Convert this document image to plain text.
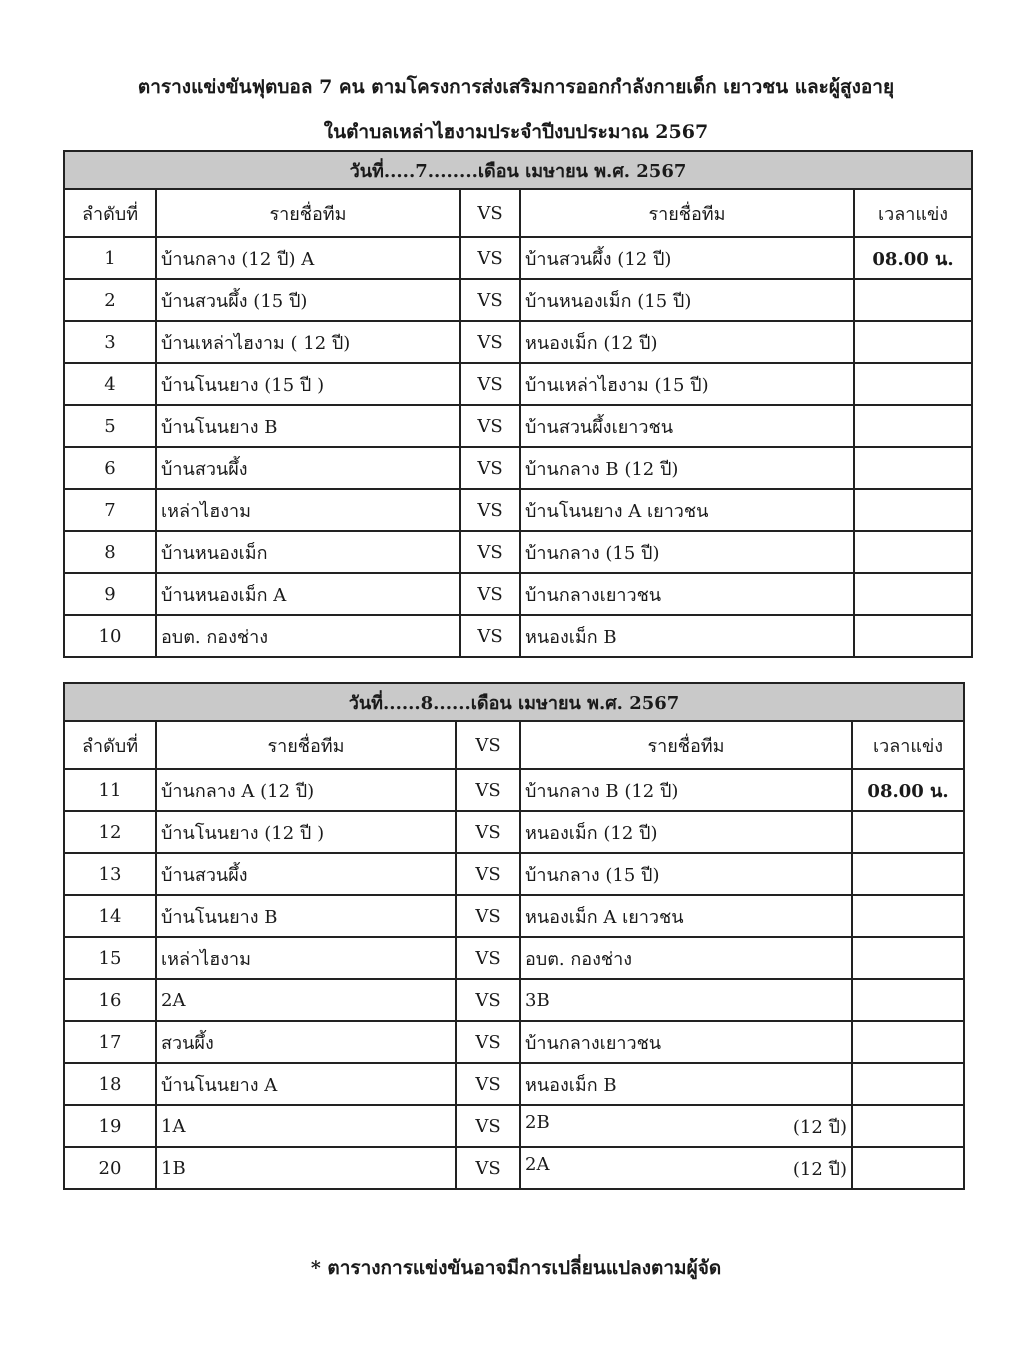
ตารางแข่งขันฟุตบอล 7 คน ตามโครงการส่งเสริมการออกกำลังกายเด็ก เยาวชน และผู้สูงอายุ
ในตำบลเหล่าไฮงามประจำปีงบประมาณ 2567
วันที่.....7........เดือน เมษายน พ.ศ. 2567				
ลำดับที่	รายชื่อทีม	VS	รายชื่อทีม	เวลาแข่ง
1	บ้านกลาง (12 ปี) A	VS	บ้านสวนผึ้ง (12 ปี)	08.00 น.
2	บ้านสวนผึ้ง (15 ปี)	VS	บ้านหนองเม็ก (15 ปี)	
3	บ้านเหล่าไฮงาม ( 12 ปี)	VS	หนองเม็ก (12 ปี)	
4	บ้านโนนยาง (15 ปี )	VS	บ้านเหล่าไฮงาม (15 ปี)	
5	บ้านโนนยาง B	VS	บ้านสวนผึ้งเยาวชน	
6	บ้านสวนผึ้ง	VS	บ้านกลาง B (12 ปี)	
7	เหล่าไฮงาม	VS	บ้านโนนยาง A เยาวชน	
8	บ้านหนองเม็ก	VS	บ้านกลาง (15 ปี)	
9	บ้านหนองเม็ก A	VS	บ้านกลางเยาวชน	
10	อบต. กองช่าง	VS	หนองเม็ก B	
วันที่......8......เดือน เมษายน พ.ศ. 2567				
ลำดับที่	รายชื่อทีม	VS	รายชื่อทีม	เวลาแข่ง
11	บ้านกลาง A (12 ปี)	VS	บ้านกลาง B (12 ปี)	08.00 น.
12	บ้านโนนยาง (12 ปี )	VS	หนองเม็ก (12 ปี)	
13	บ้านสวนผึ้ง	VS	บ้านกลาง (15 ปี)	
14	บ้านโนนยาง B	VS	หนองเม็ก A เยาวชน	
15	เหล่าไฮงาม	VS	อบต. กองช่าง	
16	2A	VS	3B	
17	สวนผึ้ง	VS	บ้านกลางเยาวชน	
18	บ้านโนนยาง A	VS	หนองเม็ก B	
19	1A	VS	2B (12 ปี)	

20	1B	VS	2A (12 ปี)	

* ตารางการแข่งขันอาจมีการเปลี่ยนแปลงตามผู้จัด
